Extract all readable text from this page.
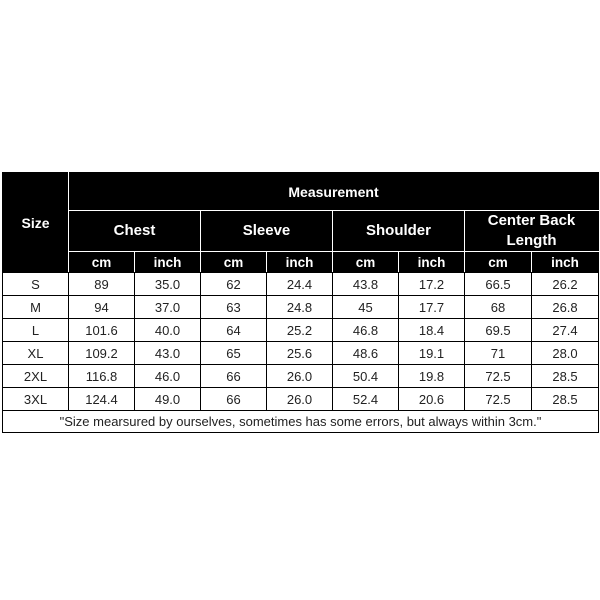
Size	Measurement							
	Chest		Sleeve		Shoulder		Center Back Length	
	cm	inch	cm	inch	cm	inch	cm	inch
S	89	35.0	62	24.4	43.8	17.2	66.5	26.2
M	94	37.0	63	24.8	45	17.7	68	26.8
L	101.6	40.0	64	25.2	46.8	18.4	69.5	27.4
XL	109.2	43.0	65	25.6	48.6	19.1	71	28.0
2XL	116.8	46.0	66	26.0	50.4	19.8	72.5	28.5
3XL	124.4	49.0	66	26.0	52.4	20.6	72.5	28.5
"Size mearsured by ourselves, sometimes has some errors, but always within 3cm."								
